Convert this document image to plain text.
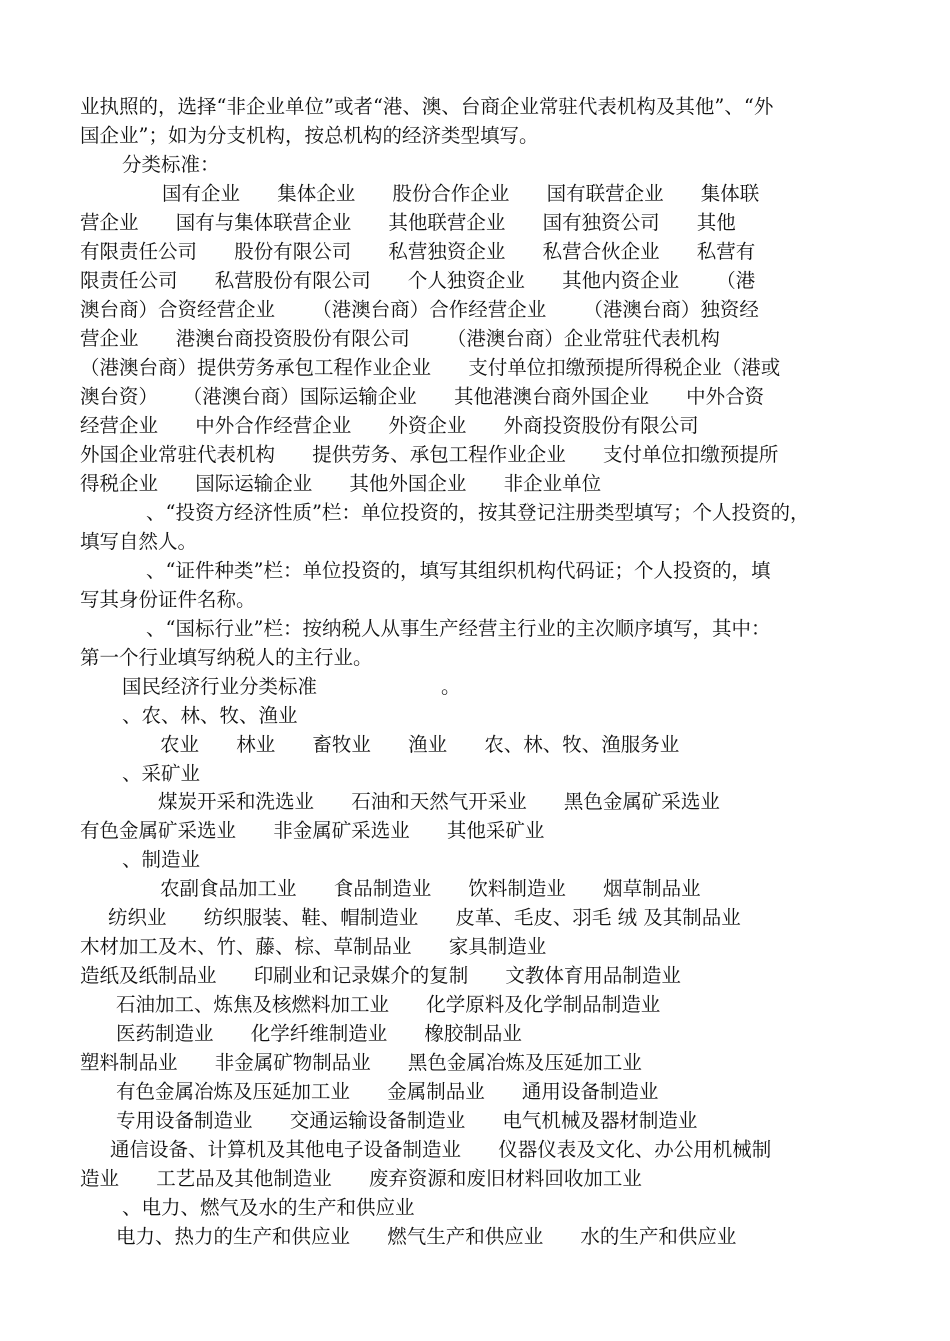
业执照的，选择“非企业单位”或者“港、澳、台商企业常驻代表机构及其他”、“外
国企业”；如为分支机构，按总机构的经济类型填写。
分类标准：
国有企业      集体企业      股份合作企业      国有联营企业      集体联
营企业      国有与集体联营企业      其他联营企业      国有独资公司      其他
有限责任公司      股份有限公司      私营独资企业      私营合伙企业      私营有
限责任公司      私营股份有限公司      个人独资企业      其他内资企业      （港
澳台商）合资经营企业      （港澳台商）合作经营企业      （港澳台商）独资经
营企业      港澳台商投资股份有限公司      （港澳台商）企业常驻代表机构
（港澳台商）提供劳务承包工程作业企业      支付单位扣缴预提所得税企业（港或
澳台资）    （港澳台商）国际运输企业      其他港澳台商外国企业      中外合资
经营企业      中外合作经营企业      外资企业      外商投资股份有限公司
外国企业常驻代表机构      提供劳务、承包工程作业企业      支付单位扣缴预提所
得税企业      国际运输企业      其他外国企业      非企业单位
、“投资方经济性质”栏：单位投资的，按其登记注册类型填写；个人投资的，
填写自然人。
、“证件种类”栏：单位投资的，填写其组织机构代码证；个人投资的，填
写其身份证件名称。
、“国标行业”栏：按纳税人从事生产经营主行业的主次顺序填写，其中：
第一个行业填写纳税人的主行业。
国民经济行业分类标准                    。
、农、林、牧、渔业
农业      林业      畜牧业      渔业      农、林、牧、渔服务业
、采矿业
煤炭开采和洗选业      石油和天然气开采业      黑色金属矿采选业
有色金属矿采选业      非金属矿采选业      其他采矿业
、制造业
农副食品加工业      食品制造业      饮料制造业      烟草制品业
纺织业      纺织服装、鞋、帽制造业      皮革、毛皮、羽毛 绒 及其制品业
木材加工及木、竹、藤、棕、草制品业      家具制造业
造纸及纸制品业      印刷业和记录媒介的复制      文教体育用品制造业
石油加工、炼焦及核燃料加工业      化学原料及化学制品制造业
医药制造业      化学纤维制造业      橡胶制品业
塑料制品业      非金属矿物制品业      黑色金属冶炼及压延加工业
有色金属冶炼及压延加工业      金属制品业      通用设备制造业
专用设备制造业      交通运输设备制造业      电气机械及器材制造业
通信设备、计算机及其他电子设备制造业      仪器仪表及文化、办公用机械制
造业      工艺品及其他制造业      废弃资源和废旧材料回收加工业
、电力、燃气及水的生产和供应业
电力、热力的生产和供应业      燃气生产和供应业      水的生产和供应业
